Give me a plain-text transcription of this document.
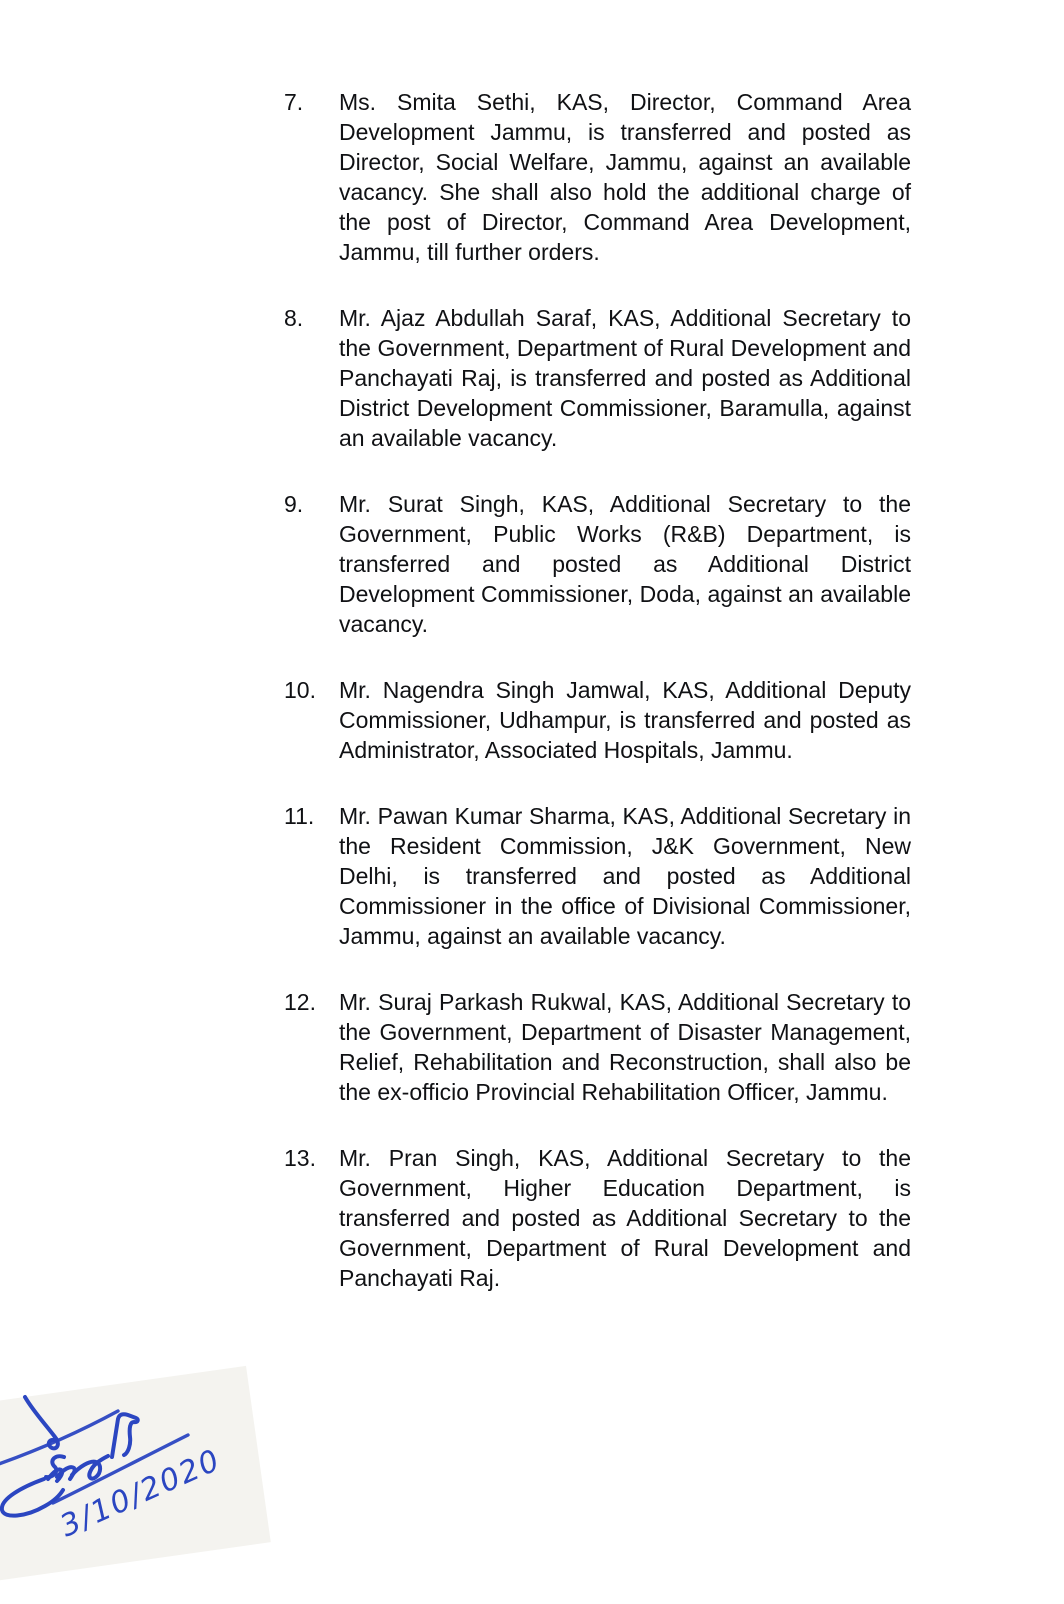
7.	Ms. Smita Sethi, KAS, Director, Command Area Development Jammu, is transferred and posted as Director, Social Welfare, Jammu, against an available vacancy. She shall also hold the additional charge of the post of Director, Command Area Development, Jammu, till further orders.

8.	Mr. Ajaz Abdullah Saraf, KAS, Additional Secretary to the Government, Department of Rural Development and Panchayati Raj, is transferred and posted as Additional District Development Commissioner, Baramulla, against an available vacancy.

9.	Mr. Surat Singh, KAS, Additional Secretary to the Government, Public Works (R&B) Department, is transferred and posted as Additional District Development Commissioner, Doda, against an available vacancy.

10.	Mr. Nagendra Singh Jamwal, KAS, Additional Deputy Commissioner, Udhampur, is transferred and posted as Administrator, Associated Hospitals, Jammu.

11.	Mr. Pawan Kumar Sharma, KAS, Additional Secretary in the Resident Commission, J&K Government, New Delhi, is transferred and posted as Additional Commissioner in the office of Divisional Commissioner, Jammu, against an available vacancy.

12.	Mr. Suraj Parkash Rukwal, KAS, Additional Secretary to the Government, Department of Disaster Management, Relief, Rehabilitation and Reconstruction, shall also be the ex-officio Provincial Rehabilitation Officer, Jammu.

13.	Mr. Pran Singh, KAS, Additional Secretary to the Government, Higher Education Department, is transferred and posted as Additional Secretary to the Government, Department of Rural Development and Panchayati Raj.

3/10/2020
